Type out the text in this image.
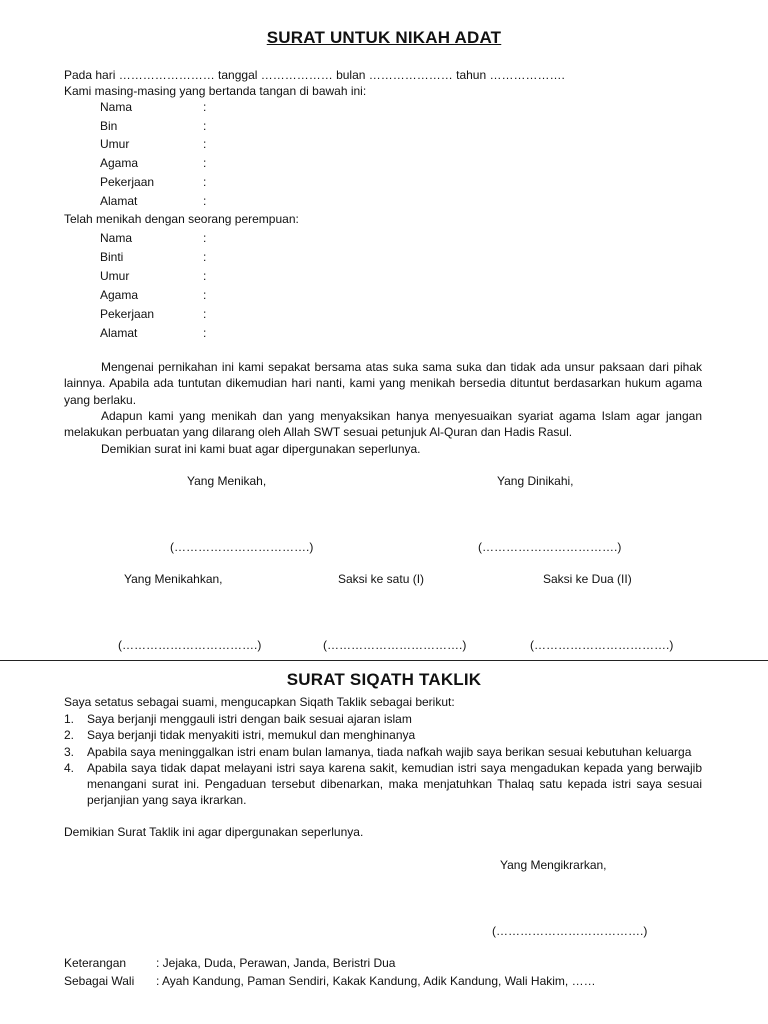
SURAT UNTUK NIKAH ADAT
Pada hari …………………… tanggal ……………… bulan ………………… tahun ……………….
Kami masing-masing yang bertanda tangan di bawah ini:
Nama	:
Bin	:
Umur	:
Agama	:
Pekerjaan	:
Alamat	:
Telah menikah dengan seorang perempuan:
Nama	:
Binti	:
Umur	:
Agama	:
Pekerjaan	:
Alamat	:
Mengenai pernikahan ini kami sepakat bersama atas suka sama suka dan tidak ada unsur paksaan dari pihak lainnya. Apabila ada tuntutan dikemudian hari nanti, kami yang menikah bersedia dituntut berdasarkan hukum agama yang berlaku.
Adapun kami yang menikah dan yang menyaksikan hanya menyesuaikan syariat agama Islam agar jangan melakukan perbuatan yang dilarang oleh Allah SWT sesuai petunjuk Al-Quran dan Hadis Rasul.
Demikian surat ini kami buat agar dipergunakan seperlunya.
Yang Menikah,	Yang Dinikahi,
(…………………………….)	(…………………………….)
Yang Menikahkan,	Saksi ke satu (I)	Saksi ke Dua (II)
(…………………………….)	(…………………………….)	(…………………………….)
SURAT SIQATH TAKLIK
Saya setatus sebagai suami, mengucapkan Siqath Taklik sebagai berikut:
1. Saya berjanji menggauli istri dengan baik sesuai ajaran islam
2. Saya berjanji tidak menyakiti istri, memukul dan menghinanya
3. Apabila saya meninggalkan istri enam bulan lamanya, tiada nafkah wajib saya berikan sesuai kebutuhan keluarga
4. Apabila saya tidak dapat melayani istri saya karena sakit, kemudian istri saya mengadukan kepada yang berwajib menangani surat ini. Pengaduan tersebut dibenarkan, maka menjatuhkan Thalaq satu kepada istri saya sesuai perjanjian yang saya ikrarkan.
Demikian Surat Taklik ini agar dipergunakan seperlunya.
Yang Mengikrarkan,
(……………………………….)
Keterangan : Jejaka, Duda, Perawan, Janda, Beristri Dua
Sebagai Wali : Ayah Kandung, Paman Sendiri, Kakak Kandung, Adik Kandung, Wali Hakim, ……
